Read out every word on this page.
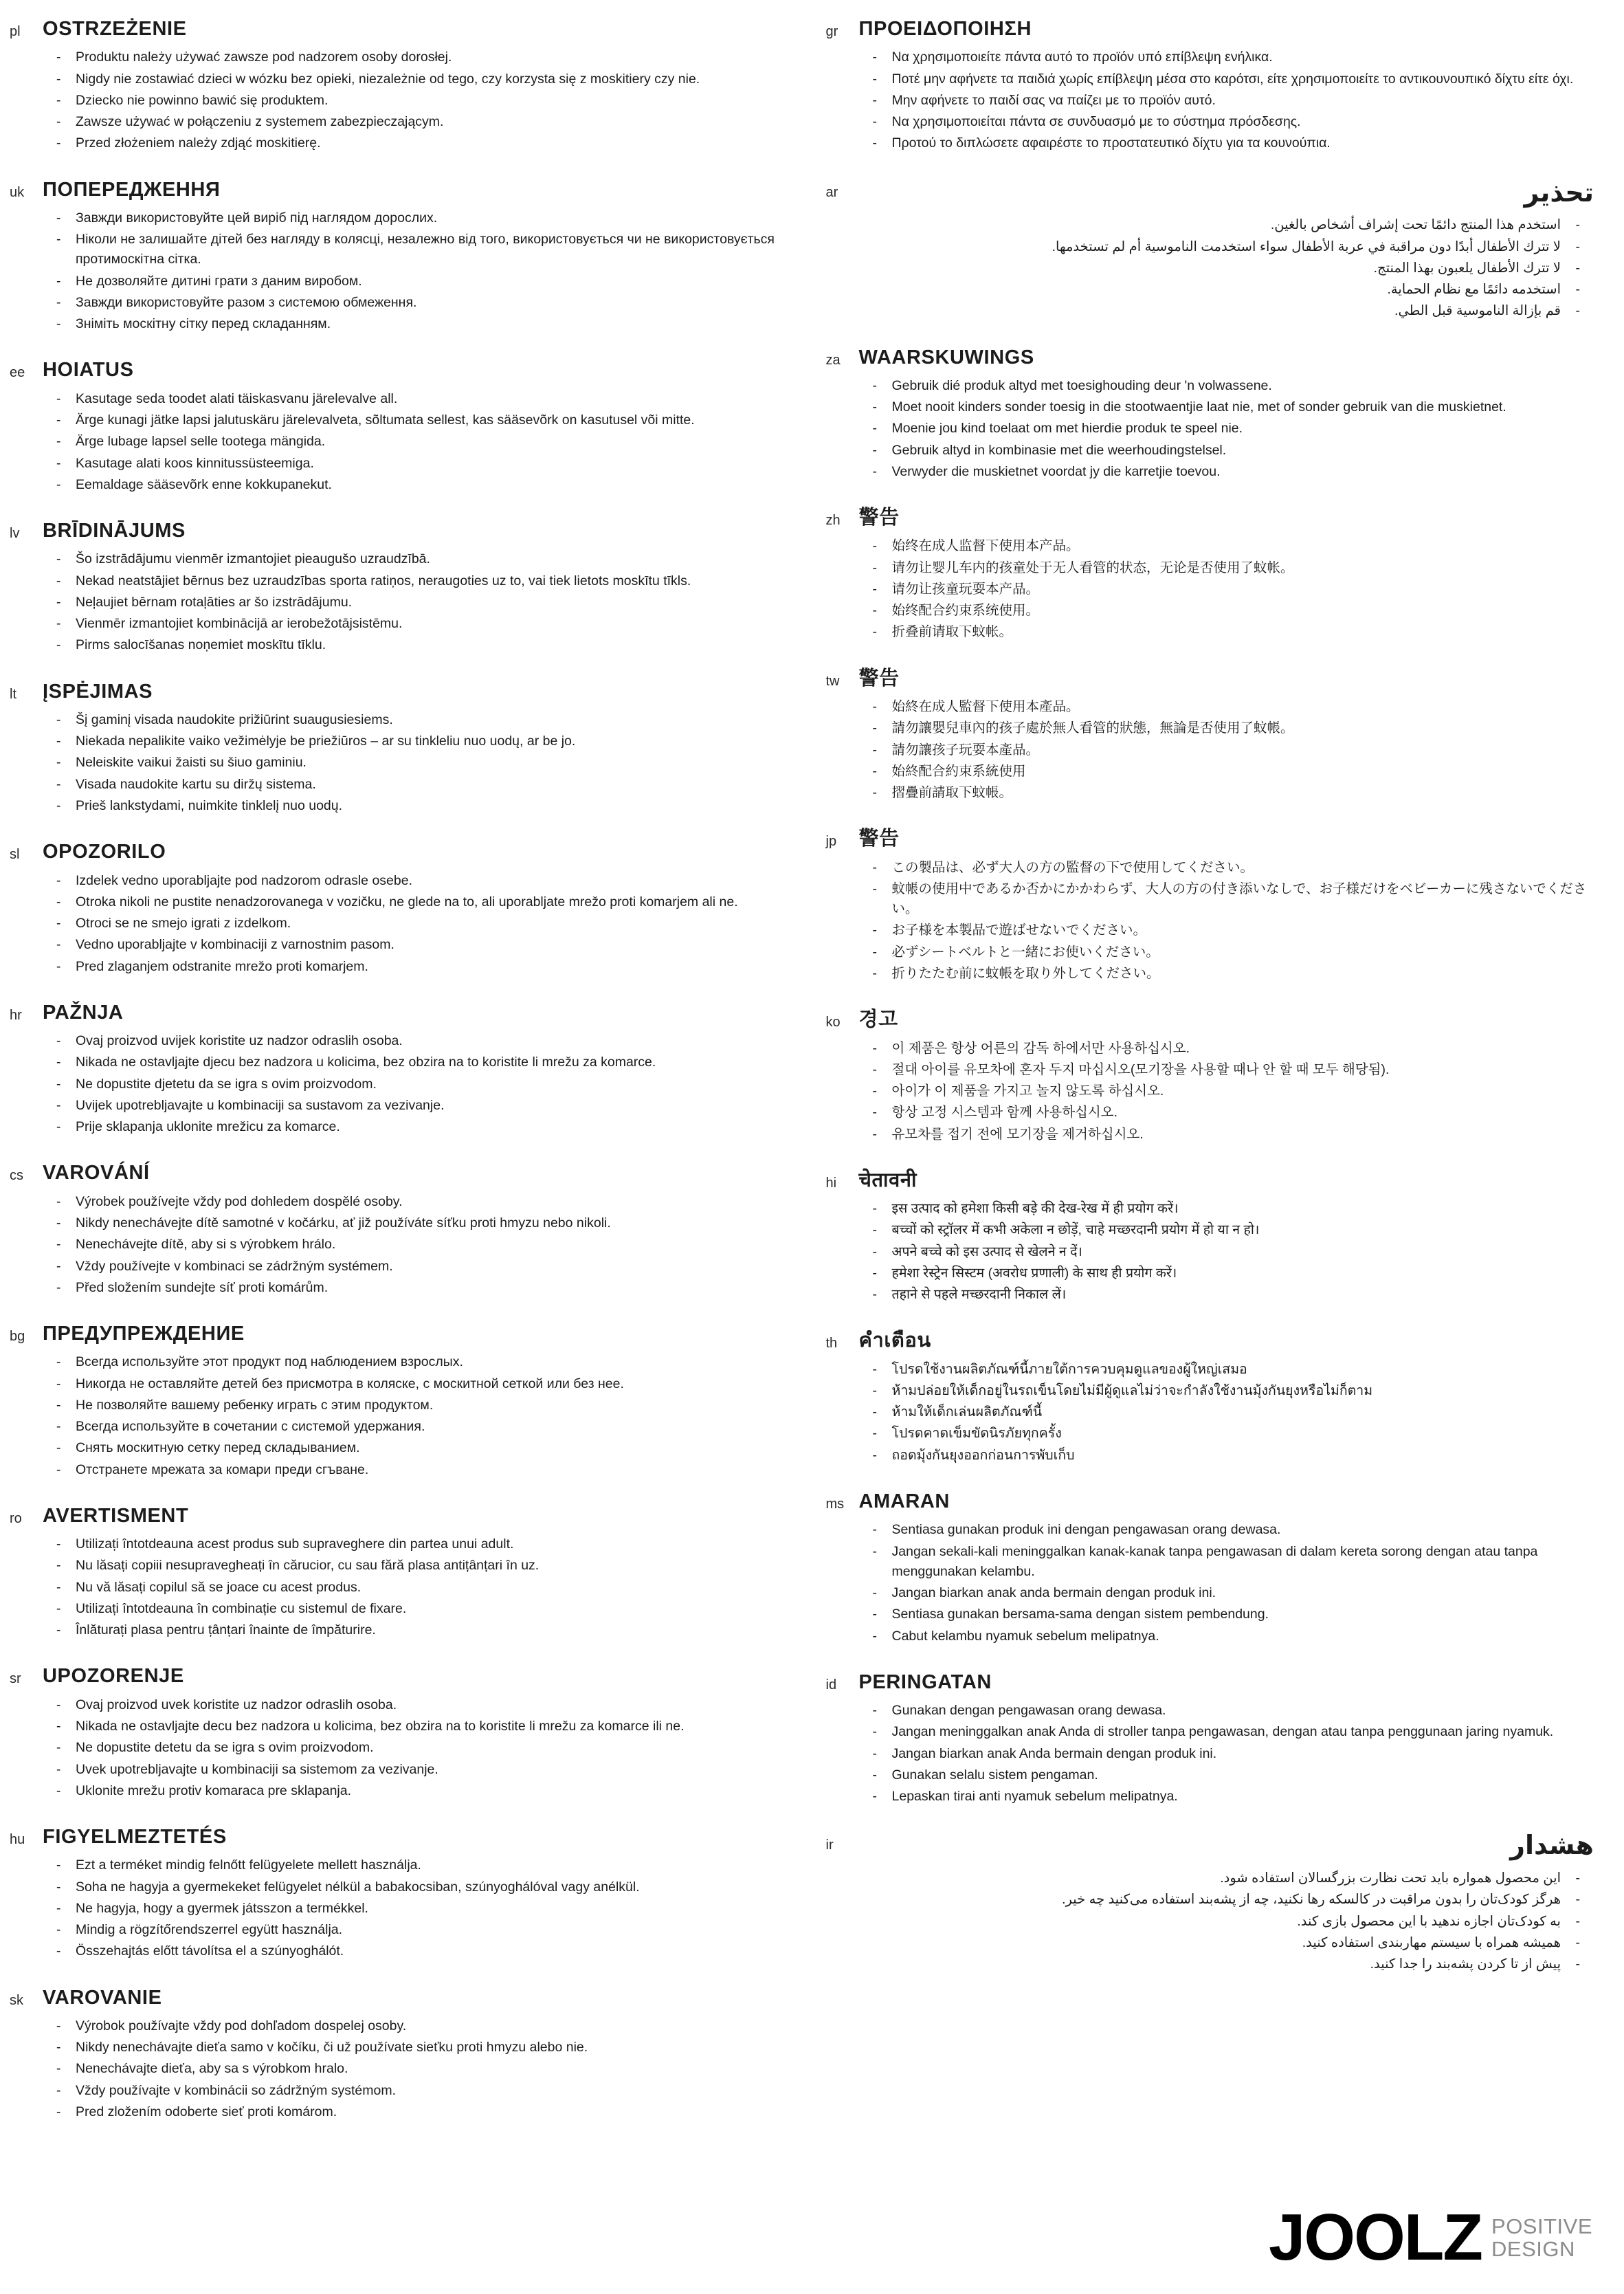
pl	OSTRZEŻENIE
- Produktu należy używać zawsze pod nadzorem osoby dorosłej.
- Nigdy nie zostawiać dzieci w wózku bez opieki, niezależnie od tego, czy korzysta się z moskitiery czy nie.
- Dziecko nie powinno bawić się produktem.
- Zawsze używać w połączeniu z systemem zabezpieczającym.
- Przed złożeniem należy zdjąć moskitierę.
uk ПОПЕРЕДЖЕННЯ
- Завжди використовуйте цей виріб під наглядом дорослих.
- Ніколи не залишайте дітей без нагляду в колясці, незалежно від того, використовується чи не використовується протимоскітна сітка.
- Не дозволяйте дитині грати з даним виробом.
- Завжди використовуйте разом з системою обмеження.
- Зніміть москітну сітку перед складанням.
ee HOIATUS
- Kasutage seda toodet alati täiskasvanu järelevalve all.
- Ärge kunagi jätke lapsi jalutuskäru järelevalveta, sõltumata sellest, kas sääsevõrk on kasutusel või mitte.
- Ärge lubage lapsel selle tootega mängida.
- Kasutage alati koos kinnitussüsteemiga.
- Eemaldage sääsevõrk enne kokkupanekut.
lv	BRĪDINĀJUMS
- Šo izstrādājumu vienmēr izmantojiet pieaugušo uzraudzībā.
- Nekad neatstājiet bērnus bez uzraudzības sporta ratiņos, neraugoties uz to, vai tiek lietots moskītu tīkls.
- Neļaujiet bērnam rotaļāties ar šo izstrādājumu.
- Vienmēr izmantojiet kombinācijā ar ierobežotājsistēmu.
- Pirms salocīšanas noņemiet moskītu tīklu.
lt	ĮSPĖJIMAS
- Šį gaminį visada naudokite prižiūrint suaugusiesiems.
- Niekada nepalikite vaiko vežimėlyje be priežiūros – ar su tinkleliu nuo uodų, ar be jo.
- Neleiskite vaikui žaisti su šiuo gaminiu.
- Visada naudokite kartu su diržų sistema.
- Prieš lankstydami, nuimkite tinklelį nuo uodų.
sl	OPOZORILO
- Izdelek vedno uporabljajte pod nadzorom odrasle osebe.
- Otroka nikoli ne pustite nenadzorovanega v vozičku, ne glede na to, ali uporabljate mrežo proti komarjem ali ne.
- Otroci se ne smejo igrati z izdelkom.
- Vedno uporabljajte v kombinaciji z varnostnim pasom.
- Pred zlaganjem odstranite mrežo proti komarjem.
hr	PAŽNJA
- Ovaj proizvod uvijek koristite uz nadzor odraslih osoba.
- Nikada ne ostavljajte djecu bez nadzora u kolicima, bez obzira na to koristite li mrežu za komarce.
- Ne dopustite djetetu da se igra s ovim proizvodom.
- Uvijek upotrebljavajte u kombinaciji sa sustavom za vezivanje.
- Prije sklapanja uklonite mrežicu za komarce.
cs VAROVÁNÍ
- Výrobek používejte vždy pod dohledem dospělé osoby.
- Nikdy nenechávejte dítě samotné v kočárku, ať již používáte síťku proti hmyzu nebo nikoli.
- Nenechávejte dítě, aby si s výrobkem hrálo.
- Vždy používejte v kombinaci se zádržným systémem.
- Před složením sundejte síť proti komárům.
bg ПРЕДУПРЕЖДЕНИЕ
- Всегда используйте этот продукт под наблюдением взрослых.
- Никогда не оставляйте детей без присмотра в коляске, с москитной сеткой или без нее.
- Не позволяйте вашему ребенку играть с этим продуктом.
- Всегда используйте в сочетании с системой удержания.
- Снять москитную сетку перед складыванием.
- Отстранете мрежата за комари преди сгъване.
ro	AVERTISMENT
- Utilizați întotdeauna acest produs sub supraveghere din partea unui adult.
- Nu lăsați copiii nesupravegheați în cărucior, cu sau fără plasa antițânțari în uz.
- Nu vă lăsați copilul să se joace cu acest produs.
- Utilizați întotdeauna în combinație cu sistemul de fixare.
- Înlăturați plasa pentru țânțari înainte de împăturire.
sr	UPOZORENJE
- Ovaj proizvod uvek koristite uz nadzor odraslih osoba.
- Nikada ne ostavljajte decu bez nadzora u kolicima, bez obzira na to koristite li mrežu za komarce ili ne.
- Ne dopustite detetu da se igra s ovim proizvodom.
- Uvek upotrebljavajte u kombinaciji sa sistemom za vezivanje.
- Uklonite mrežu protiv komaraca pre sklapanja.
hu FIGYELMEZTETÉS
- Ezt a terméket mindig felnőtt felügyelete mellett használja.
- Soha ne hagyja a gyermekeket felügyelet nélkül a babakocsiban, szúnyoghálóval vagy anélkül.
- Ne hagyja, hogy a gyermek játsszon a termékkel.
- Mindig a rögzítőrendszerrel együtt használja.
- Összehajtás előtt távolítsa el a szúnyoghálót.
sk VAROVANIE
- Výrobok používajte vždy pod dohľadom dospelej osoby.
- Nikdy nenechávajte dieťa samo v kočíku, či už používate sieťku proti hmyzu alebo nie.
- Nenechávajte dieťa, aby sa s výrobkom hralo.
- Vždy používajte v kombinácii so zádržným systémom.
- Pred zložením odoberte sieť proti komárom.
gr	ΠΡΟΕΙΔΟΠΟΙΗΣΗ
- Να χρησιμοποιείτε πάντα αυτό το προϊόν υπό επίβλεψη ενήλικα.
- Ποτέ μην αφήνετε τα παιδιά χωρίς επίβλεψη μέσα στο καρότσι, είτε χρησιμοποιείτε το αντικουνουπικό δίχτυ είτε όχι.
- Μην αφήνετε το παιδί σας να παίζει με το προϊόν αυτό.
- Να χρησιμοποιείται πάντα σε συνδυασμό με το σύστημα πρόσδεσης.
- Προτού το διπλώσετε αφαιρέστε το προστατευτικό δίχτυ για τα κουνούπια.
ar	تحذير
- استخدم هذا المنتج دائمًا تحت إشراف أشخاص بالغين.
- لا تترك الأطفال أبدًا دون مراقبة في عربة الأطفال سواء استخدمت الناموسية أم لم تستخدمها.
- لا تترك الأطفال يلعبون بهذا المنتج.
- استخدمه دائمًا مع نظام الحماية.
- قم بإزالة الناموسية قبل الطي.
za WAARSKUWINGS
- Gebruik dié produk altyd met toesighouding deur 'n volwassene.
- Moet nooit kinders sonder toesig in die stootwaentjie laat nie, met of sonder gebruik van die muskietnet.
- Moenie jou kind toelaat om met hierdie produk te speel nie.
- Gebruik altyd in kombinasie met die weerhoudingstelsel.
- Verwyder die muskietnet voordat jy die karretjie toevou.
zh 警告
- 始终在成人监督下使用本产品。
- 请勿让婴儿车内的孩童处于无人看管的状态，无论是否使用了蚊帐。
- 请勿让孩童玩耍本产品。
- 始终配合约束系统使用。
- 折叠前请取下蚊帐。
tw 警告
- 始終在成人監督下使用本產品。
- 請勿讓嬰兒車內的孩子處於無人看管的狀態，無論是否使用了蚊帳。
- 請勿讓孩子玩耍本產品。
- 始終配合約束系統使用
- 摺疊前請取下蚊帳。
jp	警告
- この製品は、必ず大人の方の監督の下で使用してください。
- 蚊帳の使用中であるか否かにかかわらず、大人の方の付き添いなしで、お子様だけをベビーカーに残さないでください。
- お子様を本製品で遊ばせないでください。
- 必ずシートベルトと一緒にお使いください。
- 折りたたむ前に蚊帳を取り外してください。
ko 경고
- 이 제품은 항상 어른의 감독 하에서만 사용하십시오.
- 절대 아이를 유모차에 혼자 두지 마십시오(모기장을 사용할 때나 안 할 때 모두 해당됨).
- 아이가 이 제품을 가지고 놀지 않도록 하십시오.
- 항상 고정 시스템과 함께 사용하십시오.
- 유모차를 접기 전에 모기장을 제거하십시오.
hi	चेतावनी
- इस उत्पाद को हमेशा किसी बड़े की देख-रेख में ही प्रयोग करें।
- बच्चों को स्ट्रॉलर में कभी अकेला न छोड़ें, चाहे मच्छरदानी प्रयोग में हो या न हो।
- अपने बच्चे को इस उत्पाद से खेलने न दें।
- हमेशा रेस्ट्रेन सिस्टम (अवरोध प्रणाली) के साथ ही प्रयोग करें।
- तहाने से पहले मच्छरदानी निकाल लें।
th	คําเตือน
- โปรดใช้งานผลิตภัณฑ์นี้ภายใต้การควบคุมดูแลของผู้ใหญ่เสมอ
- ห้ามปล่อยให้เด็กอยู่ในรถเข็นโดยไม่มีผู้ดูแลไม่ว่าจะกำลังใช้งานมุ้งกันยุงหรือไม่ก็ตาม
- ห้ามให้เด็กเล่นผลิตภัณฑ์นี้
- โปรดคาดเข็มขัดนิรภัยทุกครั้ง
- ถอดมุ้งกันยุงออกก่อนการพับเก็บ
ms AMARAN
- Sentiasa gunakan produk ini dengan pengawasan orang dewasa.
- Jangan sekali-kali meninggalkan kanak-kanak tanpa pengawasan di dalam kereta sorong dengan atau tanpa menggunakan kelambu.
- Jangan biarkan anak anda bermain dengan produk ini.
- Sentiasa gunakan bersama-sama dengan sistem pembendung.
- Cabut kelambu nyamuk sebelum melipatnya.
id	PERINGATAN
- Gunakan dengan pengawasan orang dewasa.
- Jangan meninggalkan anak Anda di stroller tanpa pengawasan, dengan atau tanpa penggunaan jaring nyamuk.
- Jangan biarkan anak Anda bermain dengan produk ini.
- Gunakan selalu sistem pengaman.
- Lepaskan tirai anti nyamuk sebelum melipatnya.
ir	هشدار
- این محصول همواره باید تحت نظارت بزرگسالان استفاده شود.
- هرگز کودک‌تان را بدون مراقبت در کالسکه رها نکنید، چه از پشه‌بند استفاده می‌کنید چه خیر.
- به کودک‌تان اجازه ندهید با این محصول بازی کند.
- همیشه همراه با سیستم مهاربندی استفاده کنید.
- پیش از تا کردن پشه‌بند را جدا کنید.
JOOLZ POSITIVE
DESIGN
